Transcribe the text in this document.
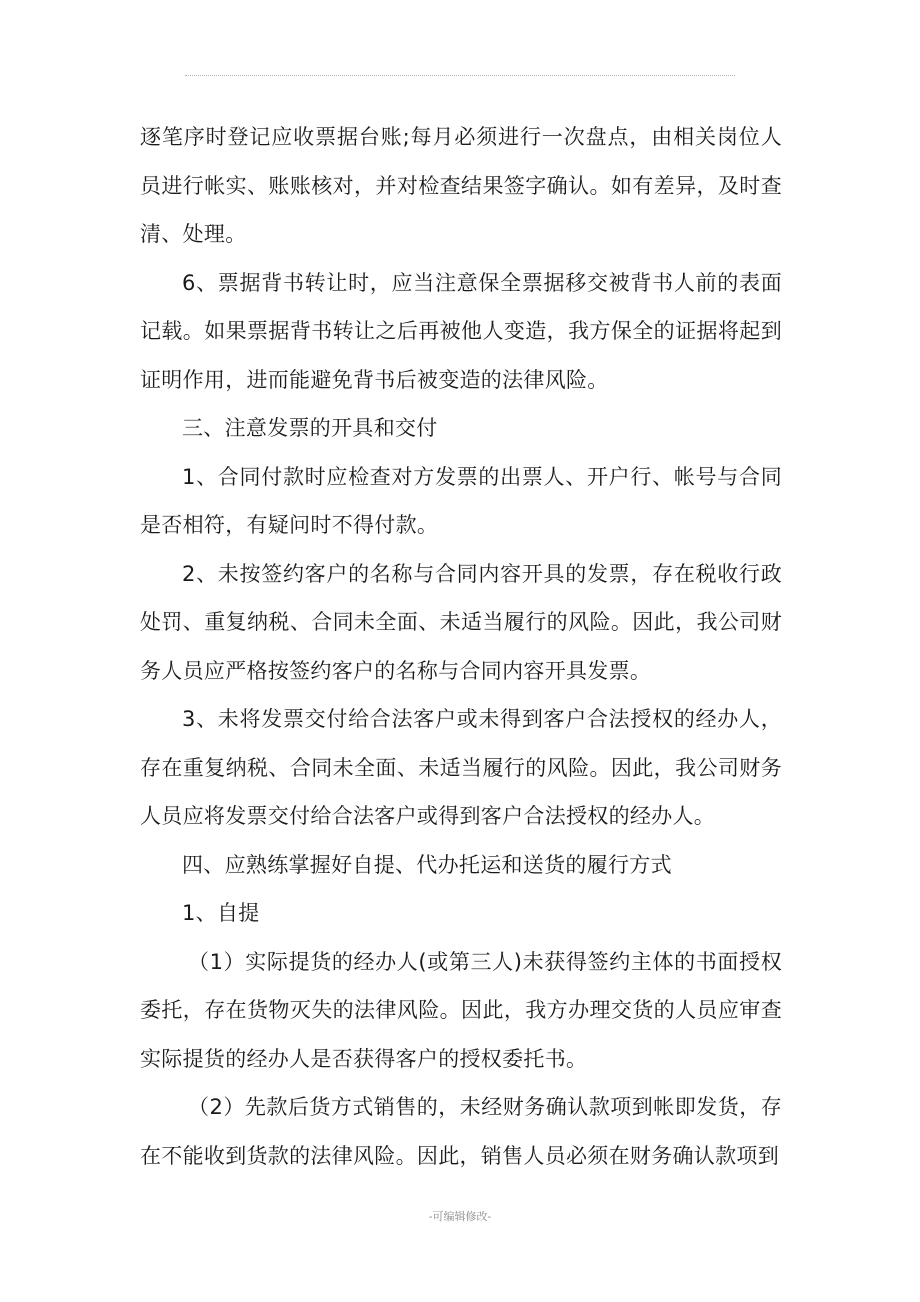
逐笔序时登记应收票据台账;每月必须进行一次盘点，由相关岗位人员进行帐实、账账核对，并对检查结果签字确认。如有差异，及时查清、处理。

6、票据背书转让时，应当注意保全票据移交被背书人前的表面记载。如果票据背书转让之后再被他人变造，我方保全的证据将起到证明作用，进而能避免背书后被变造的法律风险。

三、注意发票的开具和交付

1、合同付款时应检查对方发票的出票人、开户行、帐号与合同是否相符，有疑问时不得付款。

2、未按签约客户的名称与合同内容开具的发票，存在税收行政处罚、重复纳税、合同未全面、未适当履行的风险。因此，我公司财务人员应严格按签约客户的名称与合同内容开具发票。

3、未将发票交付给合法客户或未得到客户合法授权的经办人，存在重复纳税、合同未全面、未适当履行的风险。因此，我公司财务人员应将发票交付给合法客户或得到客户合法授权的经办人。

四、应熟练掌握好自提、代办托运和送货的履行方式

1、自提

（1）实际提货的经办人(或第三人)未获得签约主体的书面授权委托，存在货物灭失的法律风险。因此，我方办理交货的人员应审查实际提货的经办人是否获得客户的授权委托书。

（2）先款后货方式销售的，未经财务确认款项到帐即发货，存在不能收到货款的法律风险。因此，销售人员必须在财务确认款项到

-可编辑修改-
